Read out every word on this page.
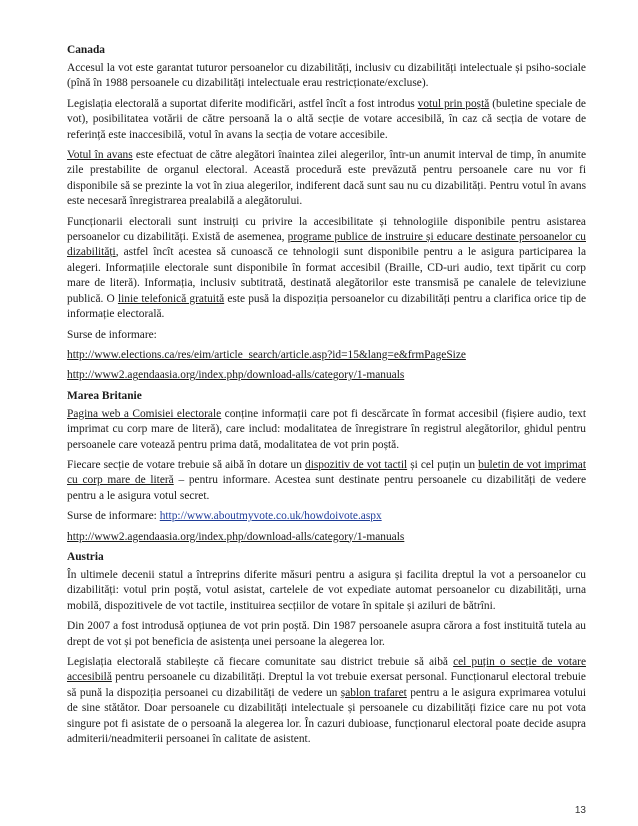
Canada

Accesul la vot este garantat tuturor persoanelor cu dizabilități, inclusiv cu dizabilități intelectuale și psiho-sociale (pînă în 1988 persoanele cu dizabilități intelectuale erau restricționate/excluse).

Legislația electorală a suportat diferite modificări, astfel încît a fost introdus votul prin poștă (buletine speciale de vot), posibilitatea votării de către persoană la o altă secție de votare accesibilă, în caz că secția de votare de referință este inaccesibilă, votul în avans la secția de votare accesibile.

Votul în avans este efectuat de către alegători înaintea zilei alegerilor, într-un anumit interval de timp, în anumite zile prestabilite de organul electoral. Această procedură este prevăzută pentru persoanele care nu vor fi disponibile să se prezinte la vot în ziua alegerilor, indiferent dacă sunt sau nu cu dizabilități. Pentru votul în avans este necesară înregistrarea prealabilă a alegătorului.

Funcționarii electorali sunt instruiți cu privire la accesibilitate și tehnologiile disponibile pentru asistarea persoanelor cu dizabilități. Există de asemenea, programe publice de instruire și educare destinate persoanelor cu dizabilități, astfel încît acestea să cunoască ce tehnologii sunt disponibile pentru a le asigura participarea la alegeri. Informațiile electorale sunt disponibile în format accesibil (Braille, CD-uri audio, text tipărit cu corp mare de literă). Informația, inclusiv subtitrată, destinată alegătorilor este transmisă pe canalele de televiziune publică. O linie telefonică gratuită este pusă la dispoziția persoanelor cu dizabilități pentru a clarifica orice tip de informație electorală.

Surse de informare:

http://www.elections.ca/res/eim/article_search/article.asp?id=15&lang=e&frmPageSize

http://www2.agendaasia.org/index.php/download-alls/category/1-manuals

Marea Britanie

Pagina web a Comisiei electorale conține informații care pot fi descărcate în format accesibil (fișiere audio, text imprimat cu corp mare de literă), care includ: modalitatea de înregistrare în registrul alegătorilor, ghidul pentru persoanele care votează pentru prima dată, modalitatea de vot prin poștă.

Fiecare secție de votare trebuie să aibă în dotare un dispozitiv de vot tactil și cel puțin un buletin de vot imprimat cu corp mare de literă – pentru informare. Acestea sunt destinate pentru persoanele cu dizabilități de vedere pentru a le asigura votul secret.

Surse de informare: http://www.aboutmyvote.co.uk/howdoivote.aspx

http://www2.agendaasia.org/index.php/download-alls/category/1-manuals

Austria

În ultimele decenii statul a întreprins diferite măsuri pentru a asigura și facilita dreptul la vot a persoanelor cu dizabilități: votul prin poștă, votul asistat, cartelele de vot expediate automat persoanelor cu dizabilități, urna mobilă, dispozitivele de vot tactile, instituirea secțiilor de votare în spitale și aziluri de bătrîni.

Din 2007 a fost introdusă opțiunea de vot prin poștă. Din 1987 persoanele asupra cărora a fost instituită tutela au drept de vot și pot beneficia de asistența unei persoane la alegerea lor.

Legislația electorală stabilește că fiecare comunitate sau district trebuie să aibă cel puțin o secție de votare accesibilă pentru persoanele cu dizabilități. Dreptul la vot trebuie exersat personal. Funcționarul electoral trebuie să pună la dispoziția persoanei cu dizabilități de vedere un șablon trafaret pentru a le asigura exprimarea votului de sine stătător. Doar persoanele cu dizabilități intelectuale și persoanele cu dizabilități fizice care nu pot vota singure pot fi asistate de o persoană la alegerea lor. În cazuri dubioase, funcționarul electoral poate decide asupra admiterii/neadmiterii persoanei în calitate de asistent.

13
